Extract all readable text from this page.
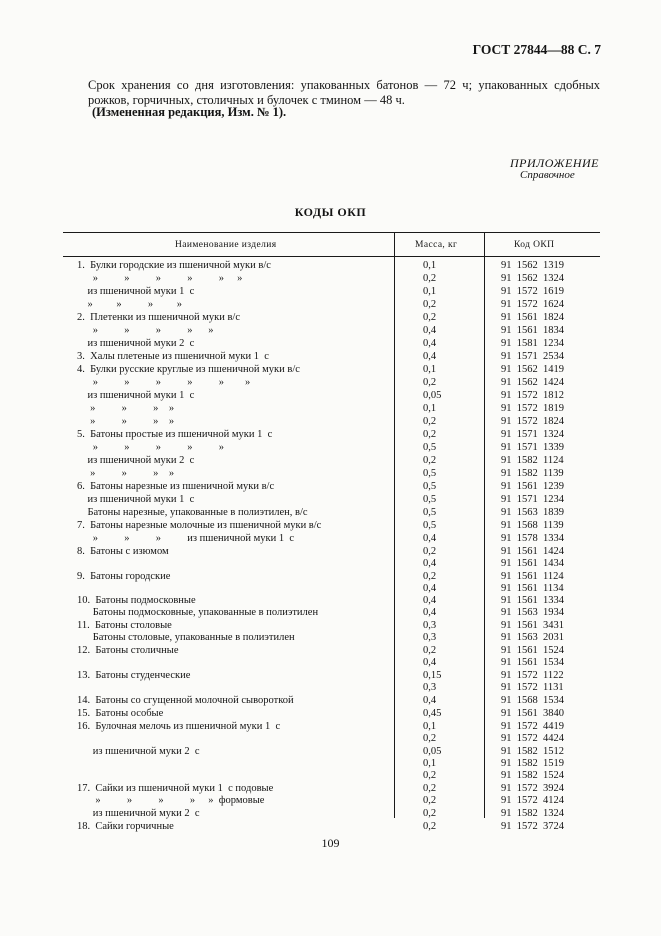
ГОСТ 27844—88 С. 7
Срок хранения со дня изготовления: упакованных батонов — 72 ч; упакованных сдобных рожков, горчичных, столичных и булочек с тмином — 48 ч.
(Измененная редакция, Изм. № 1).
ПРИЛОЖЕНИЕ
Справочное
КОДЫ ОКП
Наименование изделия	Масса, кг	Код ОКП
1.  Булки городские из пшеничной муки в/с	0,1	91  1562  1319
»          »          »          »          »     »	0,2	91  1562  1324
из пшеничной муки 1  с	0,1	91  1572  1619
»         »          »         »	0,2	91  1572  1624
2.  Плетенки из пшеничной муки в/с	0,2	91  1561  1824
»          »          »          »      »	0,4	91  1561  1834
из пшеничной муки 2  с	0,4	91  1581  1234
3.  Халы плетеные из пшеничной муки 1  с	0,4	91  1571  2534
4.  Булки русские круглые из пшеничной муки в/с	0,1	91  1562  1419
»          »          »          »          »        »	0,2	91  1562  1424
из пшеничной муки 1  с	0,05	91  1572  1812
»          »          »    »	0,1	91  1572  1819
»          »          »    »	0,2	91  1572  1824
5.  Батоны простые из пшеничной муки 1  с	0,2	91  1571  1324
»          »          »          »          »	0,5	91  1571  1339
из пшеничной муки 2  с	0,2	91  1582  1124
»          »          »    »	0,5	91  1582  1139
6.  Батоны нарезные из пшеничной муки в/с	0,5	91  1561  1239
из пшеничной муки 1  с	0,5	91  1571  1234
Батоны нарезные, упакованные в полиэтилен, в/с	0,5	91  1563  1839
7.  Батоны нарезные молочные из пшеничной муки в/с	0,5	91  1568  1139
»          »          »          из пшеничной муки 1  с	0,4	91  1578  1334
8.  Батоны с изюмом	0,2	91  1561  1424
0,4	91  1561  1434
9.  Батоны городские	0,2	91  1561  1124
0,4	91  1561  1134
10.  Батоны подмосковные	0,4	91  1561  1334
Батоны подмосковные, упакованные в полиэтилен	0,4	91  1563  1934
11.  Батоны столовые	0,3	91  1561  3431
Батоны столовые, упакованные в полиэтилен	0,3	91  1563  2031
12.  Батоны столичные	0,2	91  1561  1524
0,4	91  1561  1534
13.  Батоны студенческие	0,15	91  1572  1122
0,3	91  1572  1131
14.  Батоны со сгущенной молочной сывороткой	0,4	91  1568  1534
15.  Батоны особые	0,45	91  1561  3840
16.  Булочная мелочь из пшеничной муки 1  с	0,1	91  1572  4419
0,2	91  1572  4424
из пшеничной муки 2  с	0,05	91  1582  1512
0,1	91  1582  1519
0,2	91  1582  1524
17.  Сайки из пшеничной муки 1  с подовые	0,2	91  1572  3924
»          »          »          »     »  формовые	0,2	91  1572  4124
из пшеничной муки 2  с	0,2	91  1582  1324
18.  Сайки горчичные	0,2	91  1572  3724
109
